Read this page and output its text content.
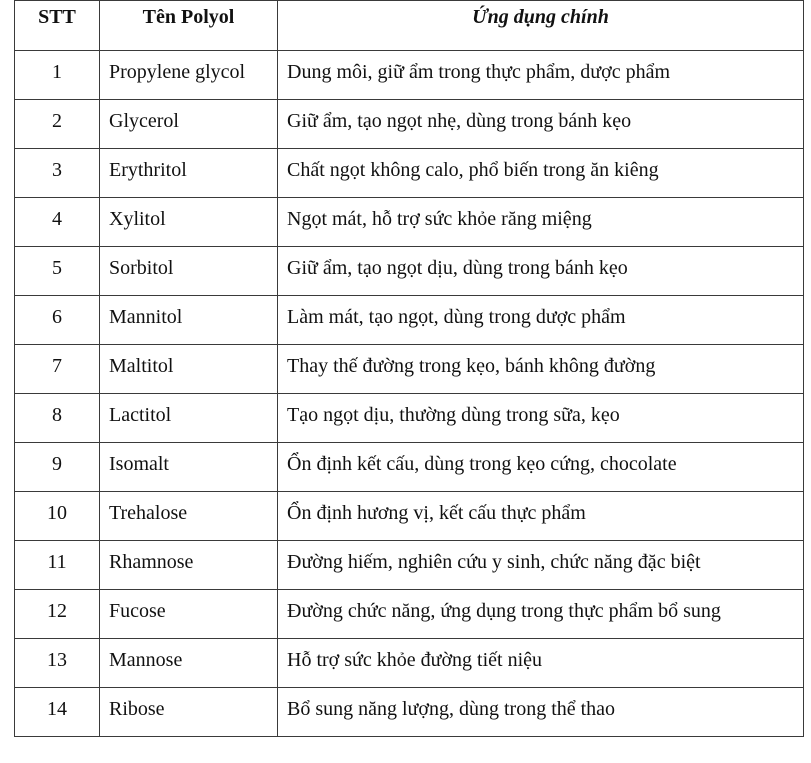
STT	Tên Polyol	Ứng dụng chính
1	Propylene glycol	Dung môi, giữ ẩm trong thực phẩm, dược phẩm
2	Glycerol	Giữ ẩm, tạo ngọt nhẹ, dùng trong bánh kẹo
3	Erythritol	Chất ngọt không calo, phổ biến trong ăn kiêng
4	Xylitol	Ngọt mát, hỗ trợ sức khỏe răng miệng
5	Sorbitol	Giữ ẩm, tạo ngọt dịu, dùng trong bánh kẹo
6	Mannitol	Làm mát, tạo ngọt, dùng trong dược phẩm
7	Maltitol	Thay thế đường trong kẹo, bánh không đường
8	Lactitol	Tạo ngọt dịu, thường dùng trong sữa, kẹo
9	Isomalt	Ổn định kết cấu, dùng trong kẹo cứng, chocolate
10	Trehalose	Ổn định hương vị, kết cấu thực phẩm
11	Rhamnose	Đường hiếm, nghiên cứu y sinh, chức năng đặc biệt
12	Fucose	Đường chức năng, ứng dụng trong thực phẩm bổ sung
13	Mannose	Hỗ trợ sức khỏe đường tiết niệu
14	Ribose	Bổ sung năng lượng, dùng trong thể thao
